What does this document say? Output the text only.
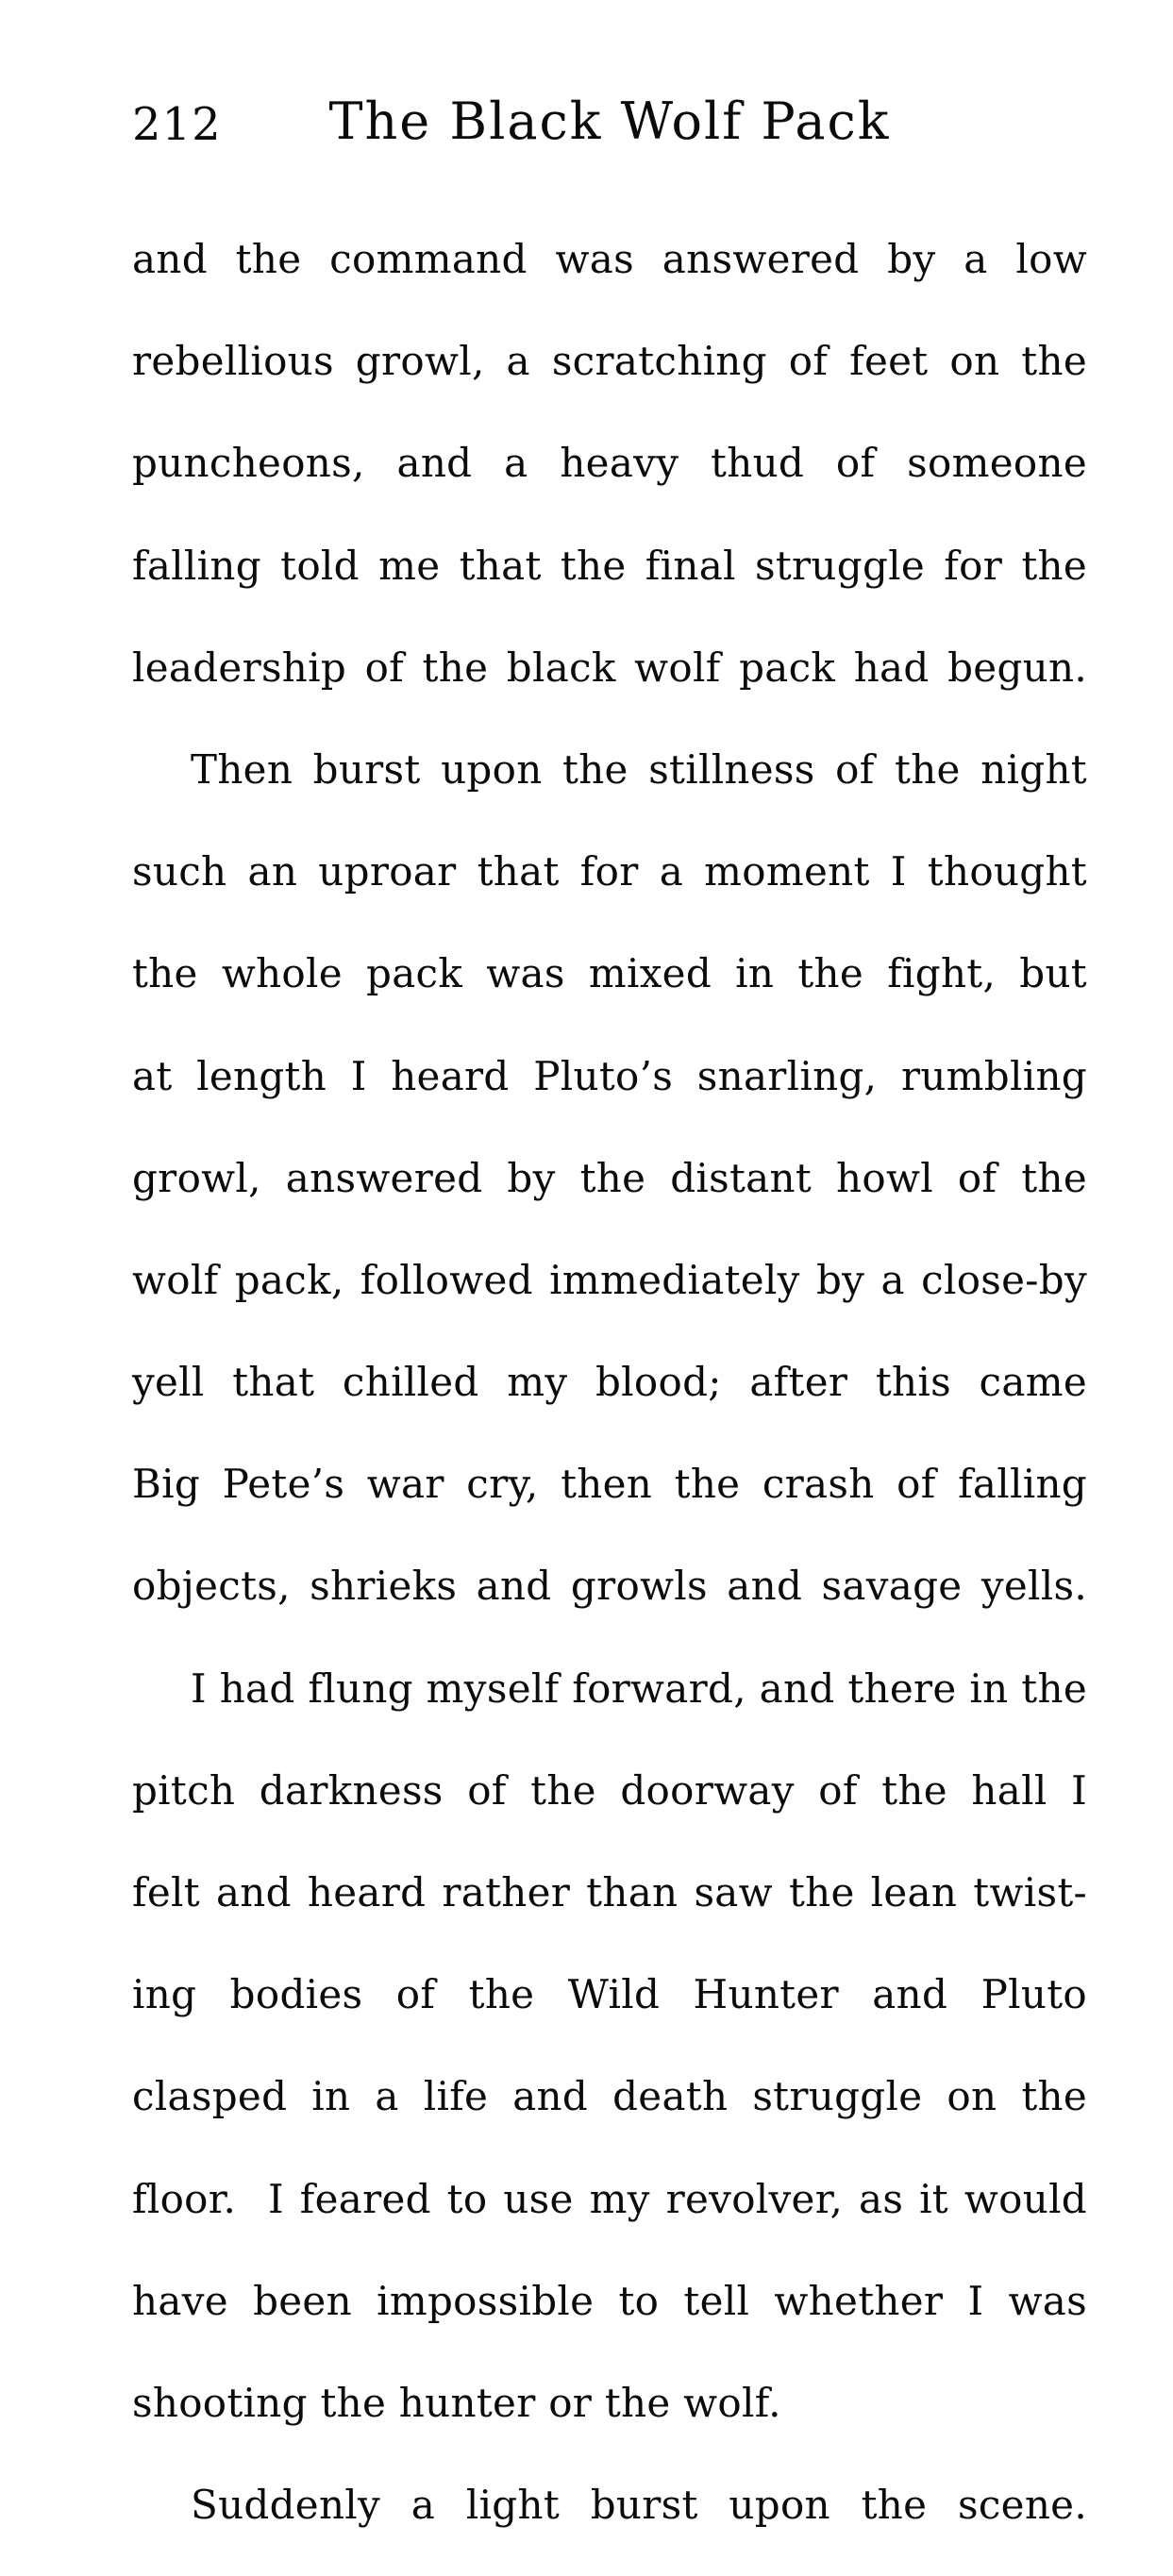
212	The Black Wolf Pack

and the command was answered by a low

rebellious growl, a scratching of feet on the

puncheons, and a heavy thud of someone

falling told me that the final struggle for the

leadership of the black wolf pack had begun.

Then burst upon the stillness of the night

such an uproar that for a moment I thought

the whole pack was mixed in the fight, but

at length I heard Pluto’s snarling, rumbling

growl, answered by the distant howl of the

wolf pack, followed immediately by a close-by

yell that chilled my blood; after this came

Big Pete’s war cry, then the crash of falling

objects, shrieks and growls and savage yells.

I had flung myself forward, and there in the

pitch darkness of the doorway of the hall I

felt and heard rather than saw the lean twist-

ing bodies of the Wild Hunter and Pluto

clasped in a life and death struggle on the

floor.  I feared to use my revolver, as it would

have been impossible to tell whether I was

shooting the hunter or the wolf.

Suddenly a light burst upon the scene.
